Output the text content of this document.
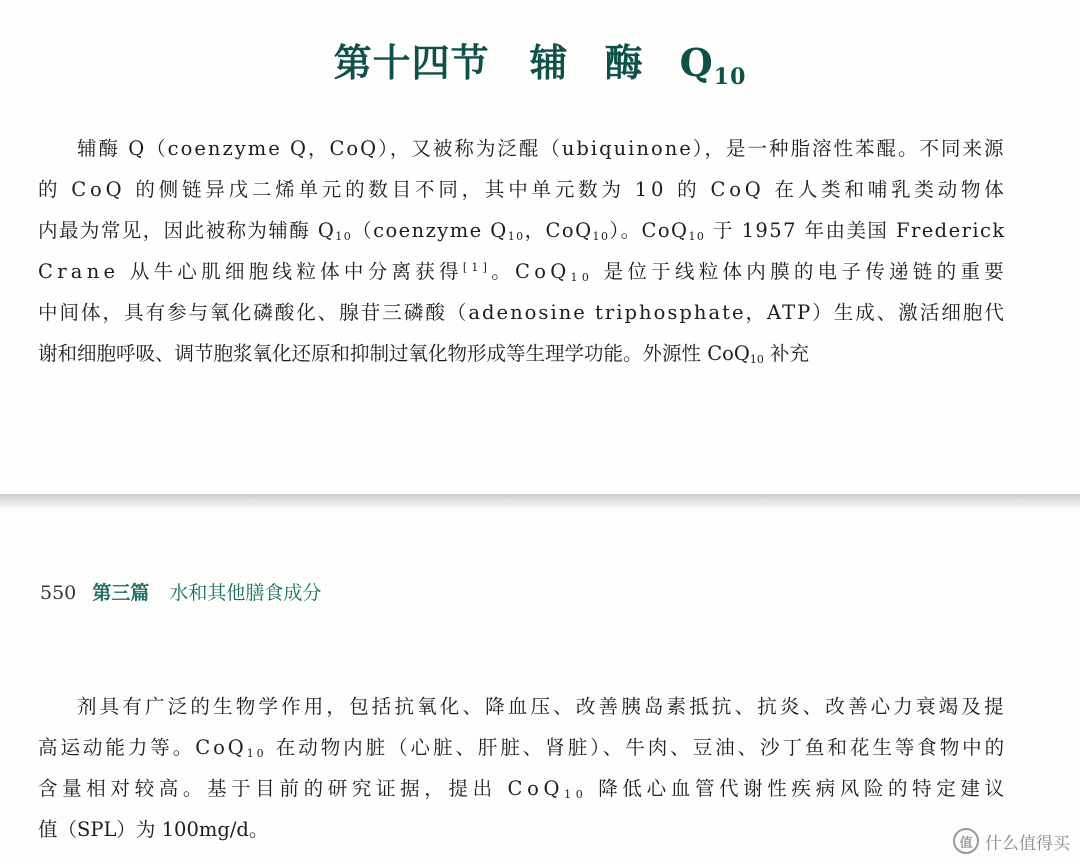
第十四节 辅 酶 $Q_{10}$
辅酶 Q（coenzyme Q，CoQ），又被称为泛醌（ubiquinone），是一种脂溶性苯醌。不同来源
的 CoQ 的侧链异戊二烯单元的数目不同，其中单元数为 10 的 CoQ 在人类和哺乳类动物体
内最为常见，因此被称为辅酶 $Q_{10}(coenzyme$ $Q_{10}$，CoQ$_{10}$）。CoQ$_{10}$ 于 1957 年由美国 Frederick
Crane 从牛心肌细胞线粒体中分离获得[1]。CoQ$_{10}$ 是位于线粒体内膜的电子传递链的重要
中间体，具有参与氧化磷酸化、腺苷三磷酸（adenosine triphosphate，ATP）生成、激活细胞代
谢和细胞呼吸、调节胞浆氧化还原和抑制过氧化物形成等生理学功能。外源性 CoQ$_{10}$ 补充
550 第三篇 水和其他膳食成分
剂具有广泛的生物学作用，包括抗氧化、降血压、改善胰岛素抵抗、抗炎、改善心力衰竭及提
高运动能力等。CoQ$_{10}$ 在动物内脏（心脏、肝脏、肾脏）、牛肉、豆油、沙丁鱼和花生等食物中的
含量相对较高。基于目前的研究证据，提出 CoQ$_{10}$ 降低心血管代谢性疾病风险的特定建议
值（SPL）为 100mg/d。
值 什么值得买
